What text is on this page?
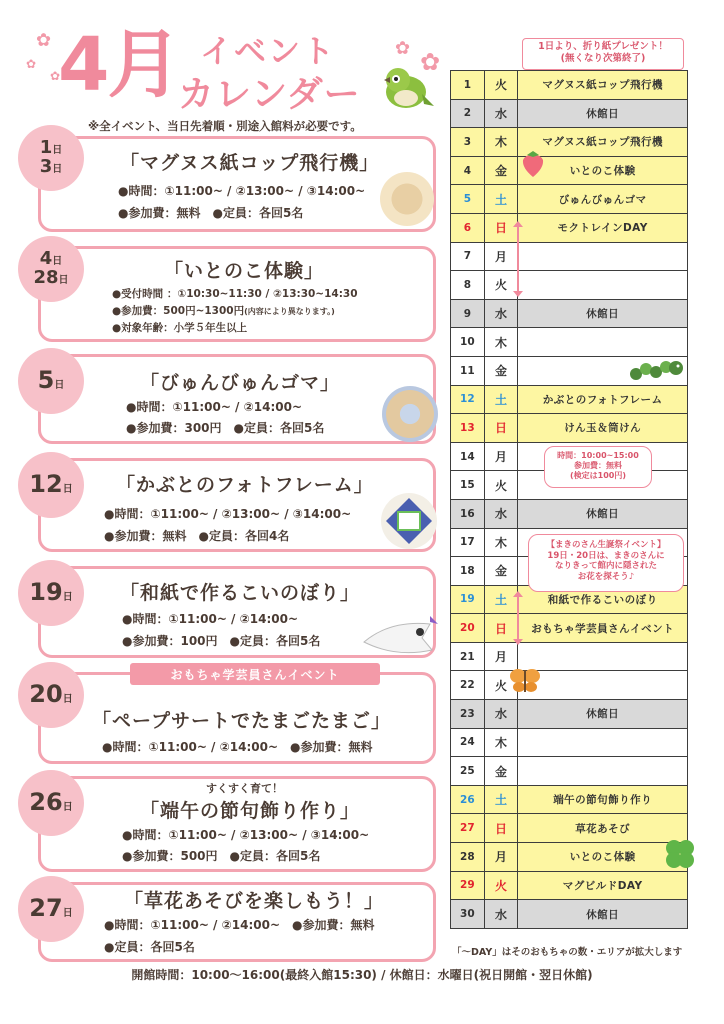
✿
✿
✿
✿ ✿
4月 イベント
カレンダー
※全イベント、当日先着順・別途入館料が必要です。
1日
3日	「マグヌス紙コップ飛行機」
●時間：①11:00~ / ②13:00~ / ③14:00~
●参加費：無料　●定員：各回5名
4日
28日	「いとのこ体験」
●受付時間 ：①10:30~11:30 / ②13:30~14:30
●参加費：500円~1300円(内容により異なります。)
●対象年齢：小学５年生以上
5日	「びゅんびゅんゴマ」
●時間：①11:00~ / ②14:00~
●参加費：300円　●定員：各回5名
12日 「かぶとのフォトフレーム」
●時間：①11:00~ / ②13:00~ / ③14:00~
●参加費：無料　●定員：各回4名
19日 「和紙で作るこいのぼり」
●時間：①11:00~ / ②14:00~
●参加費：100円　●定員：各回5名
おもちゃ学芸員さんイベント
20日
「ペープサートでたまごたまご」
●時間：①11:00~ / ②14:00~　●参加費：無料
26日
すくすく育て！
「端午の節句飾り作り」
●時間：①11:00~ / ②13:00~ / ③14:00~
●参加費：500円　●定員：各回5名
27日
「草花あそびを楽しもう！」
●時間：①11:00~ / ②14:00~　●参加費：無料
●定員：各回5名
1日より、折り紙プレゼント！
(無くなり次第終了)
1	火	マグヌス紙コップ飛行機
2	水	休館日
3	木	マグヌス紙コップ飛行機
4	金	いとのこ体験
5	土	びゅんびゅんゴマ
6	日	モクトレインDAY
7	月	
8	火	
9	水	休館日
10	木	
11	金	
12	土	かぶとのフォトフレーム
13	日	けん玉＆筒けん
14	月	
15	火	
16	水	休館日
17	木	
18	金	
19	土	和紙で作るこいのぼり
20	日	おもちゃ学芸員さんイベント
21	月	
22	火	
23	水	休館日
24	木	
25	金	
26	土	端午の節句飾り作り
27	日	草花あそび
28	月	いとのこ体験
29	火	マグビルドDAY
30	水	休館日
時間：10:00~15:00
参加費：無料
(検定は100円)
【まきのさん生誕祭イベント】
19日・20日は、まきのさんに
なりきって館内に隠された
お花を探そう♪
「～DAY」はそのおもちゃの数・エリアが拡大します
開館時間：10:00～16:00(最終入館15:30) / 休館日：水曜日(祝日開館・翌日休館)
